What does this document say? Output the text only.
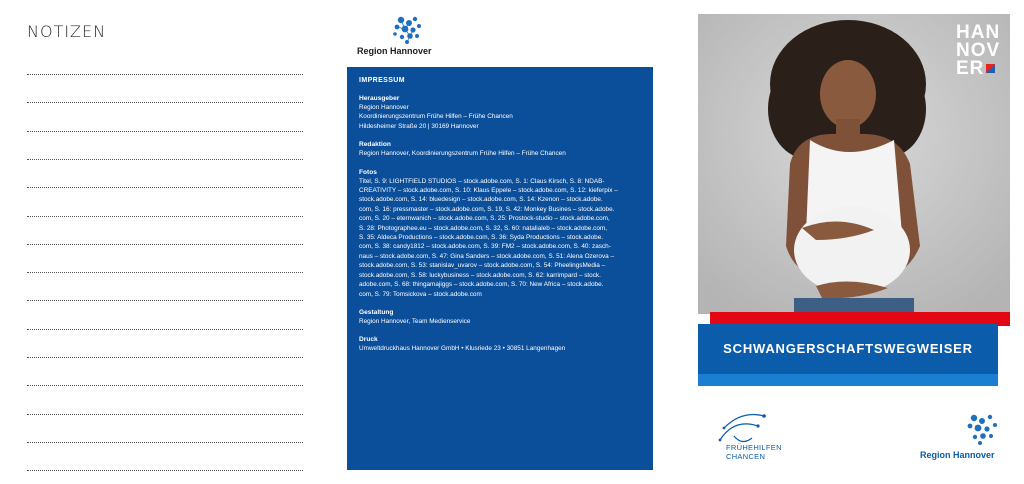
NOTIZEN
Region Hannover
IMPRESSUM
Herausgeber
Region Hannover
Koordinierungszentrum Frühe Hilfen – Frühe Chancen
Hildesheimer Straße 20 | 30169 Hannover
Redaktion
Region Hannover, Koordinierungszentrum Frühe Hilfen – Frühe Chancen
Fotos
Titel, S. 9: LIGHTFIELD STUDIOS – stock.adobe.com, S. 1: Claus Kirsch, S. 8: NDAB-
CREATIVITY – stock.adobe.com, S. 10: Klaus Eppele – stock.adobe.com, S. 12: kieferpix –
stock.adobe.com, S. 14: bluedesign – stock.adobe.com, S. 14: Kzenon – stock.adobe.
com, S. 16: pressmaster – stock.adobe.com, S. 19, S. 42: Monkey Busines – stock.adobe.
com, S. 20 – eternwanich – stock.adobe.com, S. 25: Prostock-studio – stock.adobe.com,
S. 28: Photographee.eu – stock.adobe.com, S. 32, S. 60: natalialeb – stock.adobe.com,
S. 35: Aldeca Productions – stock.adobe.com, S. 36: Syda Productions – stock.adobe.
com, S. 38: candy1812 – stock.adobe.com, S. 39: FM2 – stock.adobe.com, S. 40: zasch-
naus – stock.adobe.com, S. 47: Gina Sanders – stock.adobe.com, S. 51: Alena Ozerova –
stock.adobe.com, S. 53: stanislav_uvarov – stock.adobe.com, S. 54: PheelingsMedia –
stock.adobe.com, S. 58: luckybusiness – stock.adobe.com, S. 62: karrimpard – stock.
adobe.com, S. 68: thingamajiggs – stock.adobe.com, S. 70: New Africa – stock.adobe.
com, S. 79: Tomsickova – stock.adobe.com
Gestaltung
Region Hannover, Team Medienservice
Druck
Umweltdruckhaus Hannover GmbH • Klusriede 23 • 30851 Langenhagen
HAN
NOV
ER
SCHWANGERSCHAFTSWEGWEISER
FRÜHEHILFEN
CHANCEN	Region Hannover
